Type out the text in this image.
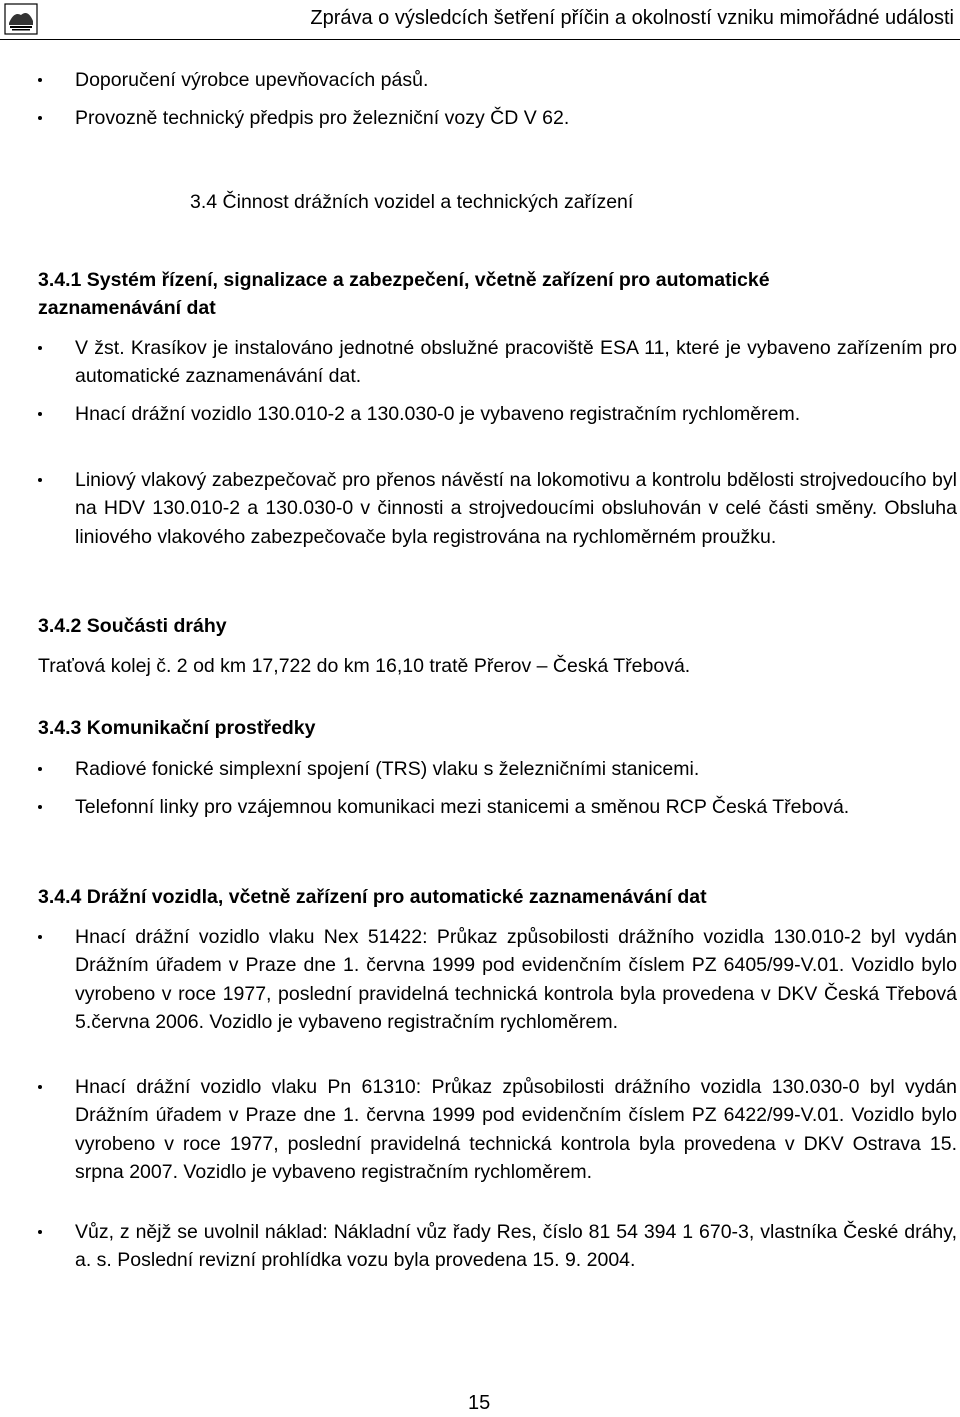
Zpráva o výsledcích šetření příčin a okolností vzniku mimořádné události
Doporučení výrobce upevňovacích pásů.
Provozně technický předpis pro železniční vozy ČD V 62.
3.4 Činnost drážních vozidel a technických zařízení
3.4.1 Systém řízení, signalizace a zabezpečení, včetně zařízení pro automatické zaznamenávání dat
V žst. Krasíkov je instalováno jednotné obslužné pracoviště ESA 11, které je vybaveno zařízením pro automatické zaznamenávání dat.
Hnací drážní vozidlo 130.010-2 a 130.030-0 je vybaveno registračním rychloměrem.
Liniový vlakový zabezpečovač pro přenos návěstí na lokomotivu a kontrolu bdělosti strojvedoucího byl na HDV 130.010-2 a 130.030-0 v činnosti a strojvedoucími obsluhován v celé části směny. Obsluha liniového vlakového zabezpečovače byla registrována na rychloměrném proužku.
3.4.2 Součásti dráhy
Traťová kolej č. 2 od km 17,722 do km 16,10 tratě Přerov – Česká Třebová.
3.4.3 Komunikační prostředky
Radiové fonické simplexní spojení (TRS) vlaku s železničními stanicemi.
Telefonní linky pro vzájemnou komunikaci mezi stanicemi a směnou RCP Česká Třebová.
3.4.4 Drážní vozidla, včetně zařízení pro automatické zaznamenávání dat
Hnací drážní vozidlo vlaku Nex 51422: Průkaz způsobilosti drážního vozidla 130.010-2 byl vydán Drážním úřadem v Praze dne 1. června 1999 pod evidenčním číslem PZ 6405/99-V.01. Vozidlo bylo vyrobeno v roce 1977, poslední pravidelná technická kontrola byla provedena v DKV Česká Třebová 5.června 2006. Vozidlo je vybaveno registračním rychloměrem.
Hnací drážní vozidlo vlaku Pn 61310: Průkaz způsobilosti drážního vozidla 130.030-0 byl vydán Drážním úřadem v Praze dne 1. června 1999 pod evidenčním číslem PZ 6422/99-V.01. Vozidlo bylo vyrobeno v roce 1977, poslední pravidelná technická kontrola byla provedena v DKV Ostrava 15. srpna 2007. Vozidlo je vybaveno registračním rychloměrem.
Vůz, z nějž se uvolnil náklad: Nákladní vůz řady Res, číslo 81 54 394 1 670-3, vlastníka České dráhy, a. s. Poslední revizní prohlídka vozu byla provedena 15. 9. 2004.
15
